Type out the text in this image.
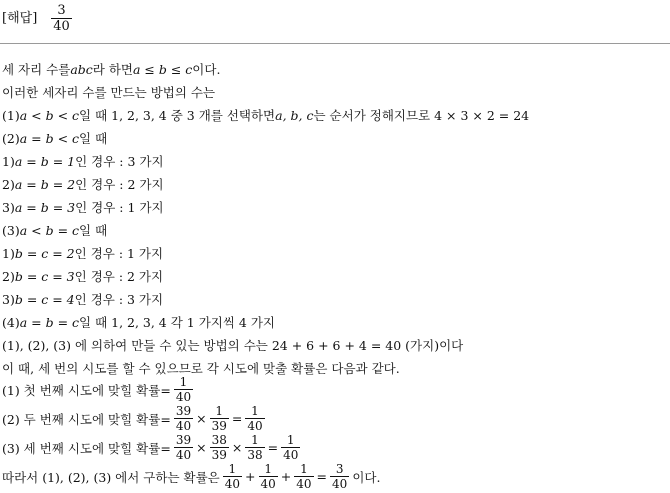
[해답] $\frac{3}{40}$
세 자리 수를 abc 라 하면 a ≤ b ≤ c 이다.
이러한 세자리 수를 만드는 방법의 수는
(1) a < b < c 일 때 1, 2, 3, 4 중 3 개를 선택하면 a, b, c 는 순서가 정해지므로 4 × 3 × 2 = 24
(2) a = b < c 일 때
1) a = b = 1 인 경우 : 3 가지
2) a = b = 2 인 경우 : 2 가지
3) a = b = 3 인 경우 : 1 가지
(3) a < b = c 일 때
1) b = c = 2 인 경우 : 1 가지
2) b = c = 3 인 경우 : 2 가지
3) b = c = 4 인 경우 : 3 가지
(4) a = b = c 일 때 1, 2, 3, 4 각 1 가지씩 4 가지
(1), (2), (3) 에 의하여 만들 수 있는 방법의 수는 24 + 6 + 6 + 4 = 40 (가지)이다
이 때, 세 번의 시도를 할 수 있으므로 각 시도에 맞출 확률은 다음과 같다.
(1) 첫 번째 시도에 맞힐 확률= $\frac{1}{40}$
(2) 두 번째 시도에 맞힐 확률= $\frac{39}{40} \times \frac{1}{39} = \frac{1}{40}$
(3) 세 번째 시도에 맞힐 확률= $\frac{39}{40} \times \frac{38}{39} \times \frac{1}{38} = \frac{1}{40}$
따라서 (1), (2), (3) 에서 구하는 확률은 $\frac{1}{40} + \frac{1}{40} + \frac{1}{40} = \frac{3}{40}$ 이다.
